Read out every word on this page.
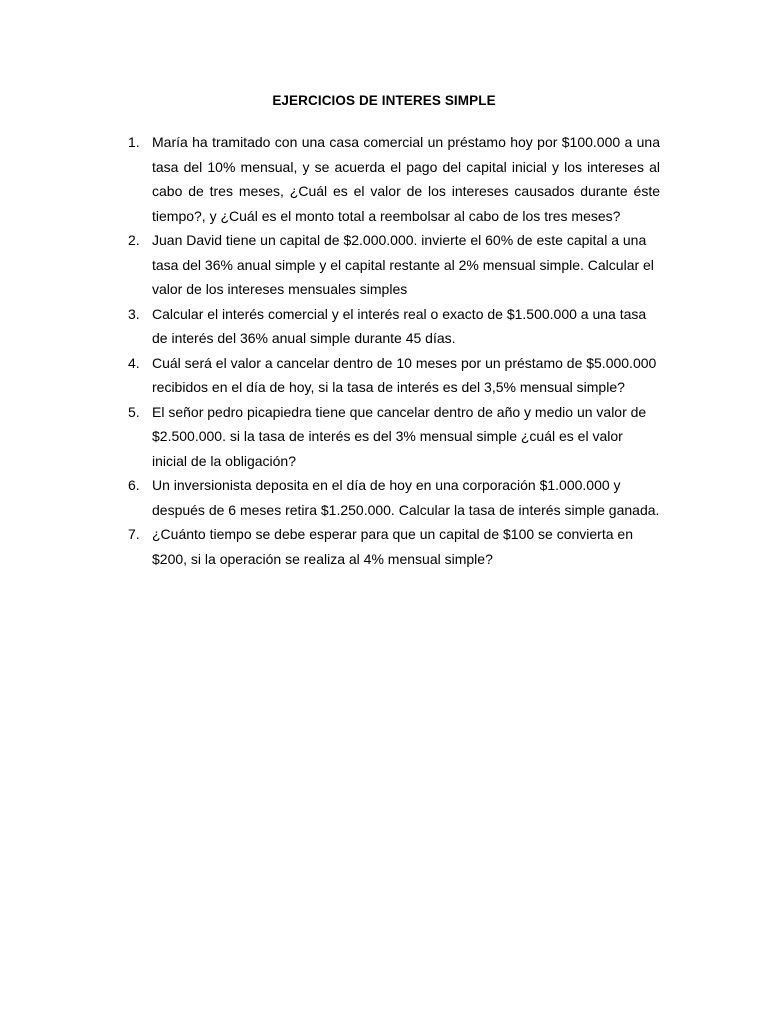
EJERCICIOS DE INTERES SIMPLE
1. María ha tramitado con una casa comercial un préstamo hoy por $100.000 a una tasa del 10% mensual, y se acuerda el pago del capital inicial y los intereses al cabo de tres meses, ¿Cuál es el valor de los intereses causados durante éste tiempo?, y ¿Cuál es el monto total a reembolsar al cabo de los tres meses?
2. Juan David tiene un capital de $2.000.000. invierte el 60% de este capital a una tasa del 36% anual simple y el capital restante al 2% mensual simple. Calcular el valor de los intereses mensuales simples
3. Calcular el interés comercial y el interés real o exacto de $1.500.000 a una tasa de interés del 36% anual simple durante 45 días.
4. Cuál será el valor a cancelar dentro de 10 meses por un préstamo de $5.000.000 recibidos en el día de hoy, si la tasa de interés es del 3,5% mensual simple?
5. El señor pedro picapiedra tiene que cancelar dentro de año y medio un valor de $2.500.000. si la tasa de interés es del 3% mensual simple ¿cuál es el valor inicial de la obligación?
6. Un inversionista deposita en el día de hoy en una corporación $1.000.000 y después de 6 meses retira $1.250.000. Calcular la tasa de interés simple ganada.
7. ¿Cuánto tiempo se debe esperar para que un capital de $100 se convierta en $200, si la operación se realiza al 4% mensual simple?
